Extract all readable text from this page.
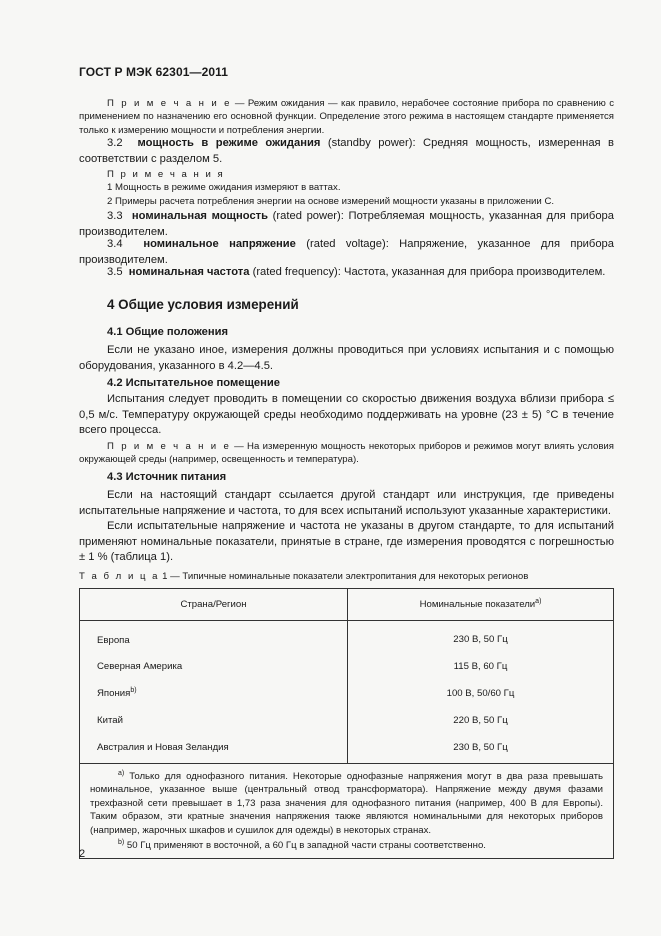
ГОСТ Р МЭК 62301—2011

П р и м е ч а н и е — Режим ожидания — как правило, нерабочее состояние прибора по сравнению с применением по назначению его основной функции. Определение этого режима в настоящем стандарте применяется только к измерению мощности и потребления энергии.

3.2 мощность в режиме ожидания (standby power): Средняя мощность, измеренная в соответствии с разделом 5.

П р и м е ч а н и я
1 Мощность в режиме ожидания измеряют в ваттах.
2 Примеры расчета потребления энергии на основе измерений мощности указаны в приложении С.

3.3 номинальная мощность (rated power): Потребляемая мощность, указанная для прибора производителем.

3.4 номинальное напряжение (rated voltage): Напряжение, указанное для прибора производителем.

3.5 номинальная частота (rated frequency): Частота, указанная для прибора производителем.

4 Общие условия измерений
4.1 Общие положения

Если не указано иное, измерения должны проводиться при условиях испытания и с помощью оборудования, указанного в 4.2—4.5.

4.2 Испытательное помещение

Испытания следует проводить в помещении со скоростью движения воздуха вблизи прибора ≤ 0,5 м/с. Температуру окружающей среды необходимо поддерживать на уровне (23 ± 5) °С в течение всего процесса.

П р и м е ч а н и е — На измеренную мощность некоторых приборов и режимов могут влиять условия окружающей среды (например, освещенность и температура).

4.3 Источник питания

Если на настоящий стандарт ссылается другой стандарт или инструкция, где приведены испытательные напряжение и частота, то для всех испытаний используют указанные характеристики.

Если испытательные напряжение и частота не указаны в другом стандарте, то для испытаний применяют номинальные показатели, принятые в стране, где измерения проводятся с погрешностью ± 1 % (таблица 1).

Т а б л и ц а 1 — Типичные номинальные показатели электропитания для некоторых регионов
Страна/Регион	Номинальные показатели$^{а)}$
Европа	230 В, 50 Гц
Северная Америка	115 В, 60 Гц
Япония$^{b)}$	100 В, 50/60 Гц
Китай	220 В, 50 Гц
Австралия и Новая Зеландия	230 В, 50 Гц

$^{а)}$ Только для однофазного питания. Некоторые однофазные напряжения могут в два раза превышать номинальное, указанное выше (центральный отвод трансформатора). Напряжение между двумя фазами трехфазной сети превышает в 1,73 раза значения для однофазного питания (например, 400 В для Европы). Таким образом, эти кратные значения напряжения также являются номинальными для некоторых приборов (например, жарочных шкафов и сушилок для одежды) в некоторых странах.
$^{b)}$ 50 Гц применяют в восточной, а 60 Гц в западной части страны соответственно.	
2
